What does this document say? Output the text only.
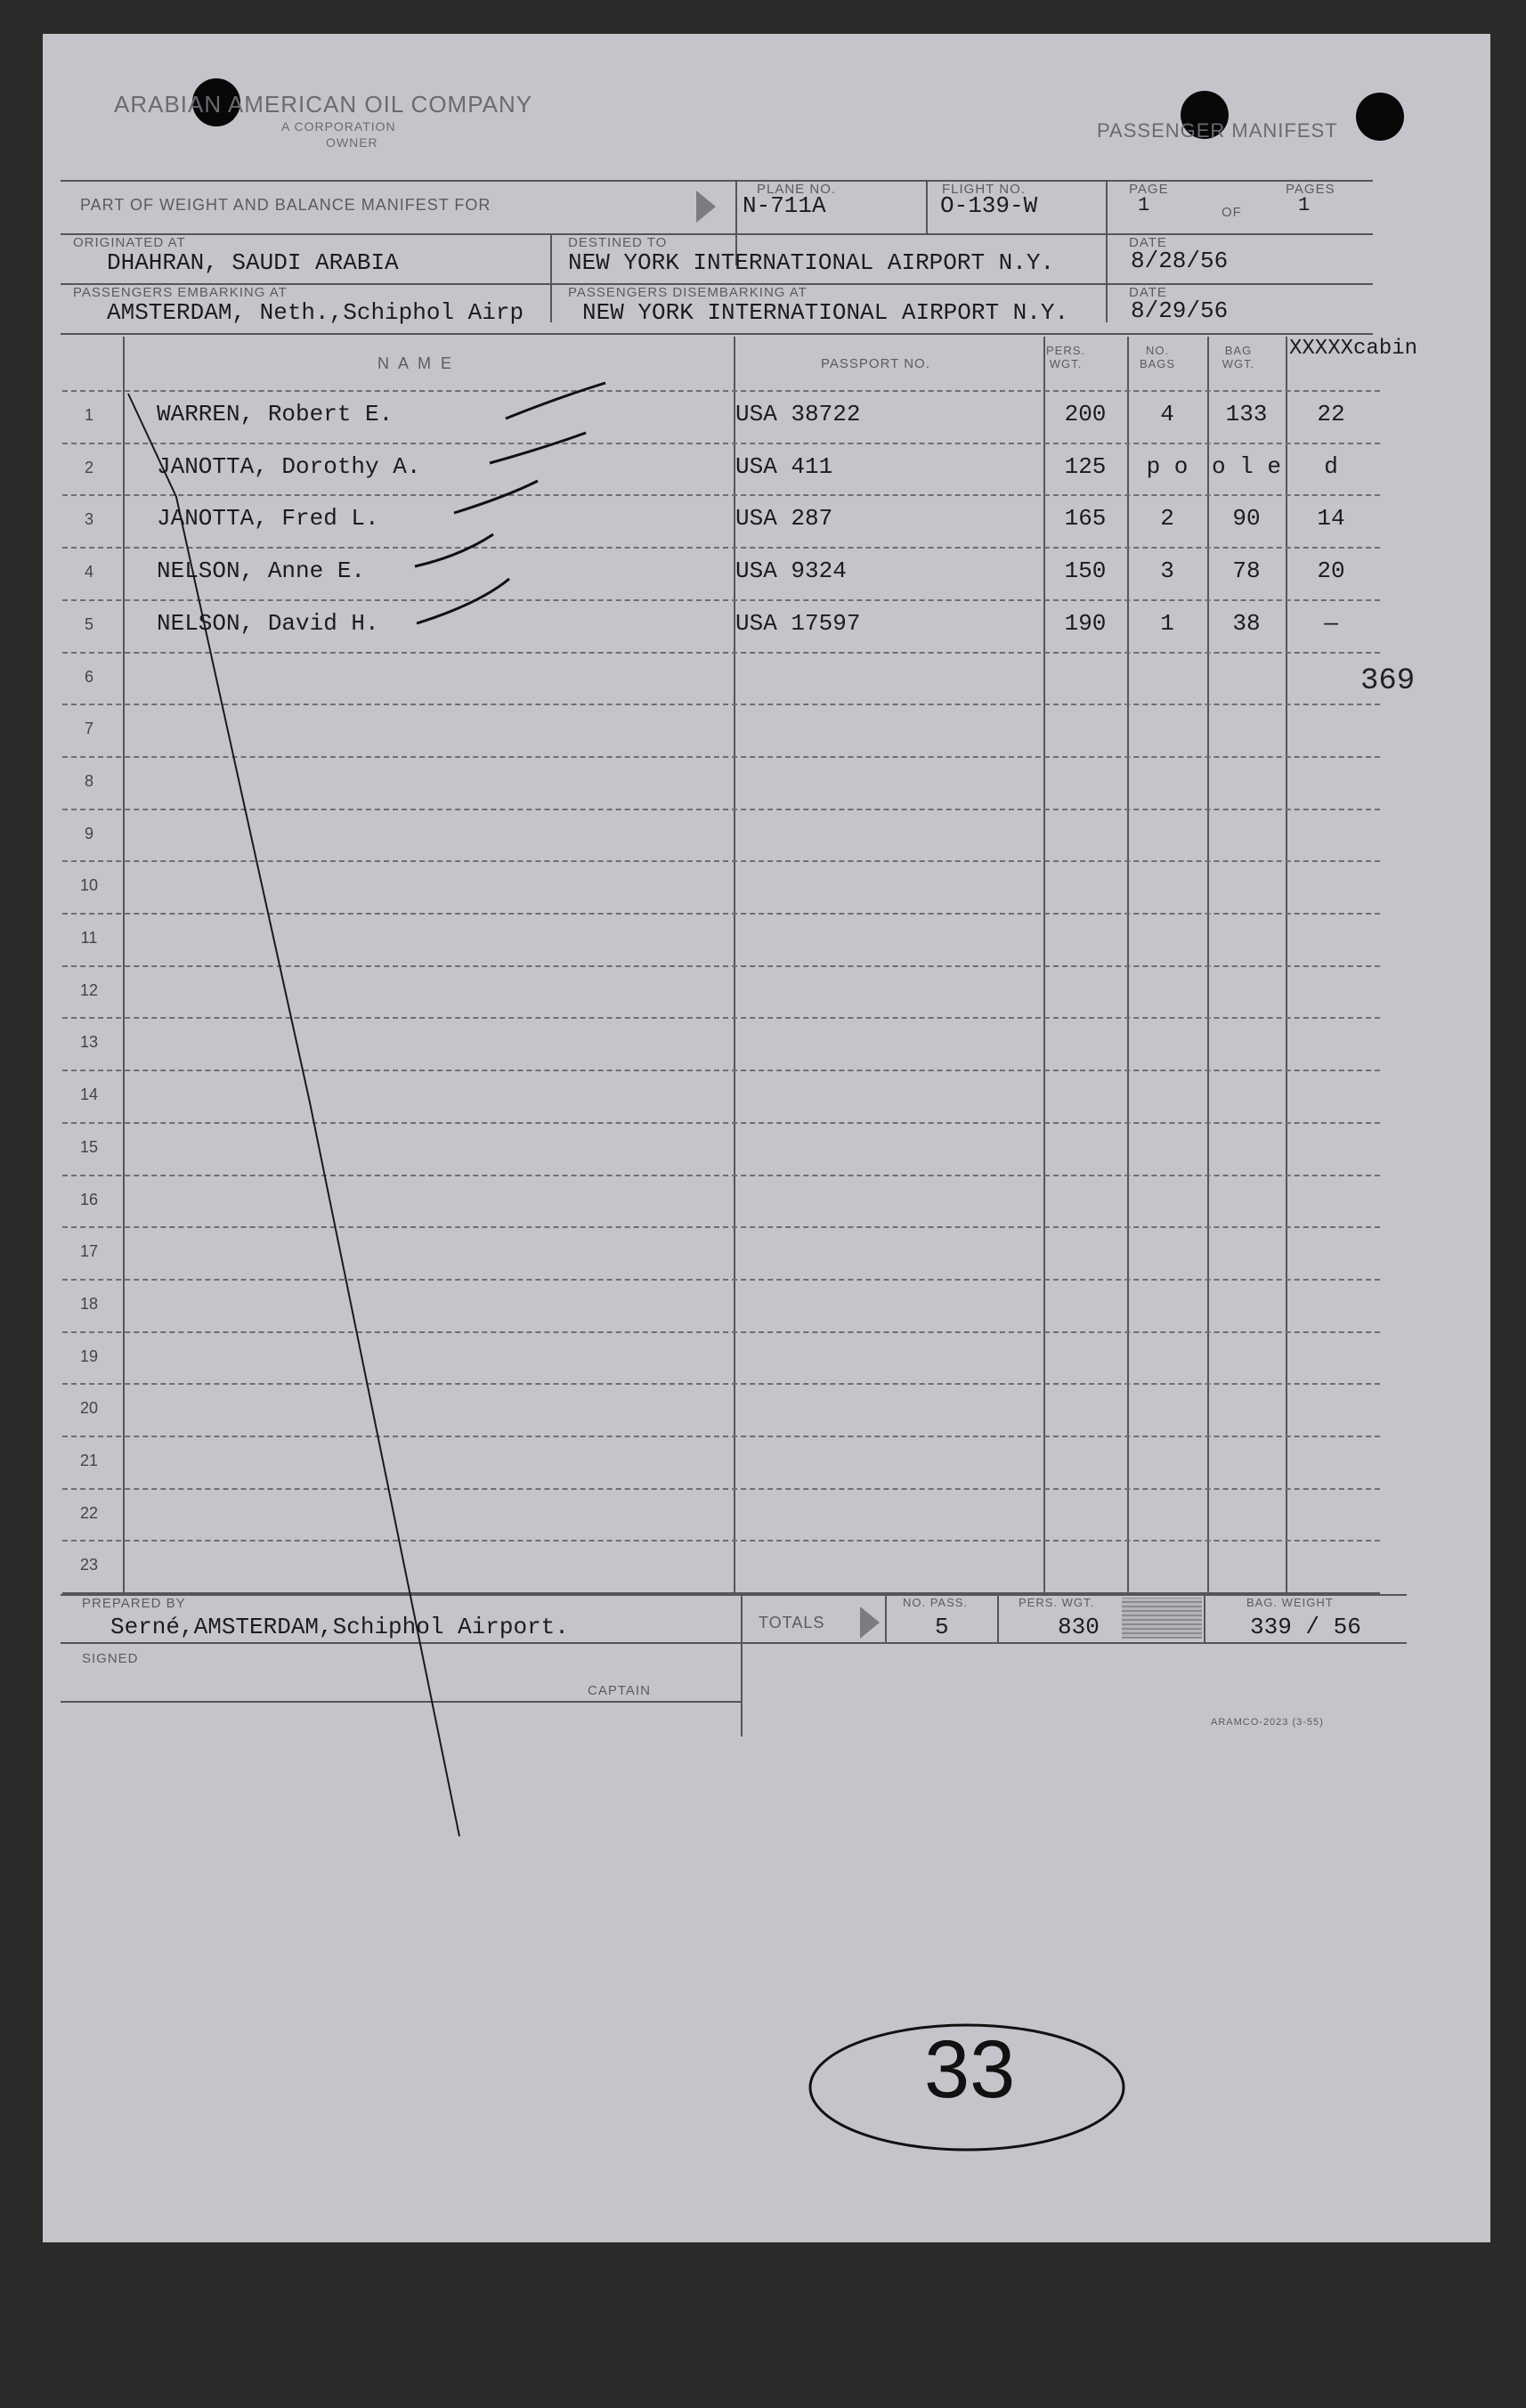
ARABIAN AMERICAN OIL COMPANY
A CORPORATION
OWNER
PASSENGER MANIFEST
PART OF WEIGHT AND BALANCE MANIFEST FOR
PLANE NO.
N-711A
FLIGHT NO.
O-139-W
PAGE
1	OF
PAGES
1
ORIGINATED AT
DHAHRAN, SAUDI ARABIA
DESTINED TO
NEW YORK INTERNATIONAL AIRPORT N.Y.
DATE
8/28/56
PASSENGERS EMBARKING AT
AMSTERDAM, Neth.,Schiphol Airp
PASSENGERS DISEMBARKING AT
NEW YORK INTERNATIONAL AIRPORT N.Y.
DATE
8/29/56
N A M E	PASSPORT NO.
PERS. WGT.
NO. BAGS
BAG WGT.
XXXXXcabin
1	WARREN, Robert E.	USA 38722	200	4	133	22
2	JANOTTA, Dorothy A.	USA 411	125	p o	o l e	d
3	JANOTTA, Fred L.	USA 287	165	2	90	14
4	NELSON, Anne E.	USA 9324	150	3	78	20
5	NELSON, David H.	USA 17597	190	1	38	—
6
7
8
9
10
11
12
13
14
15
16
17
18
19
20
21
22
23
369
PREPARED BY
Serné,AMSTERDAM,Schiphol Airport.	TOTALS
NO. PASS.
5
PERS. WGT.
830
BAG. WEIGHT
339 / 56
SIGNED
CAPTAIN
ARAMCO-2023 (3-55)
33
